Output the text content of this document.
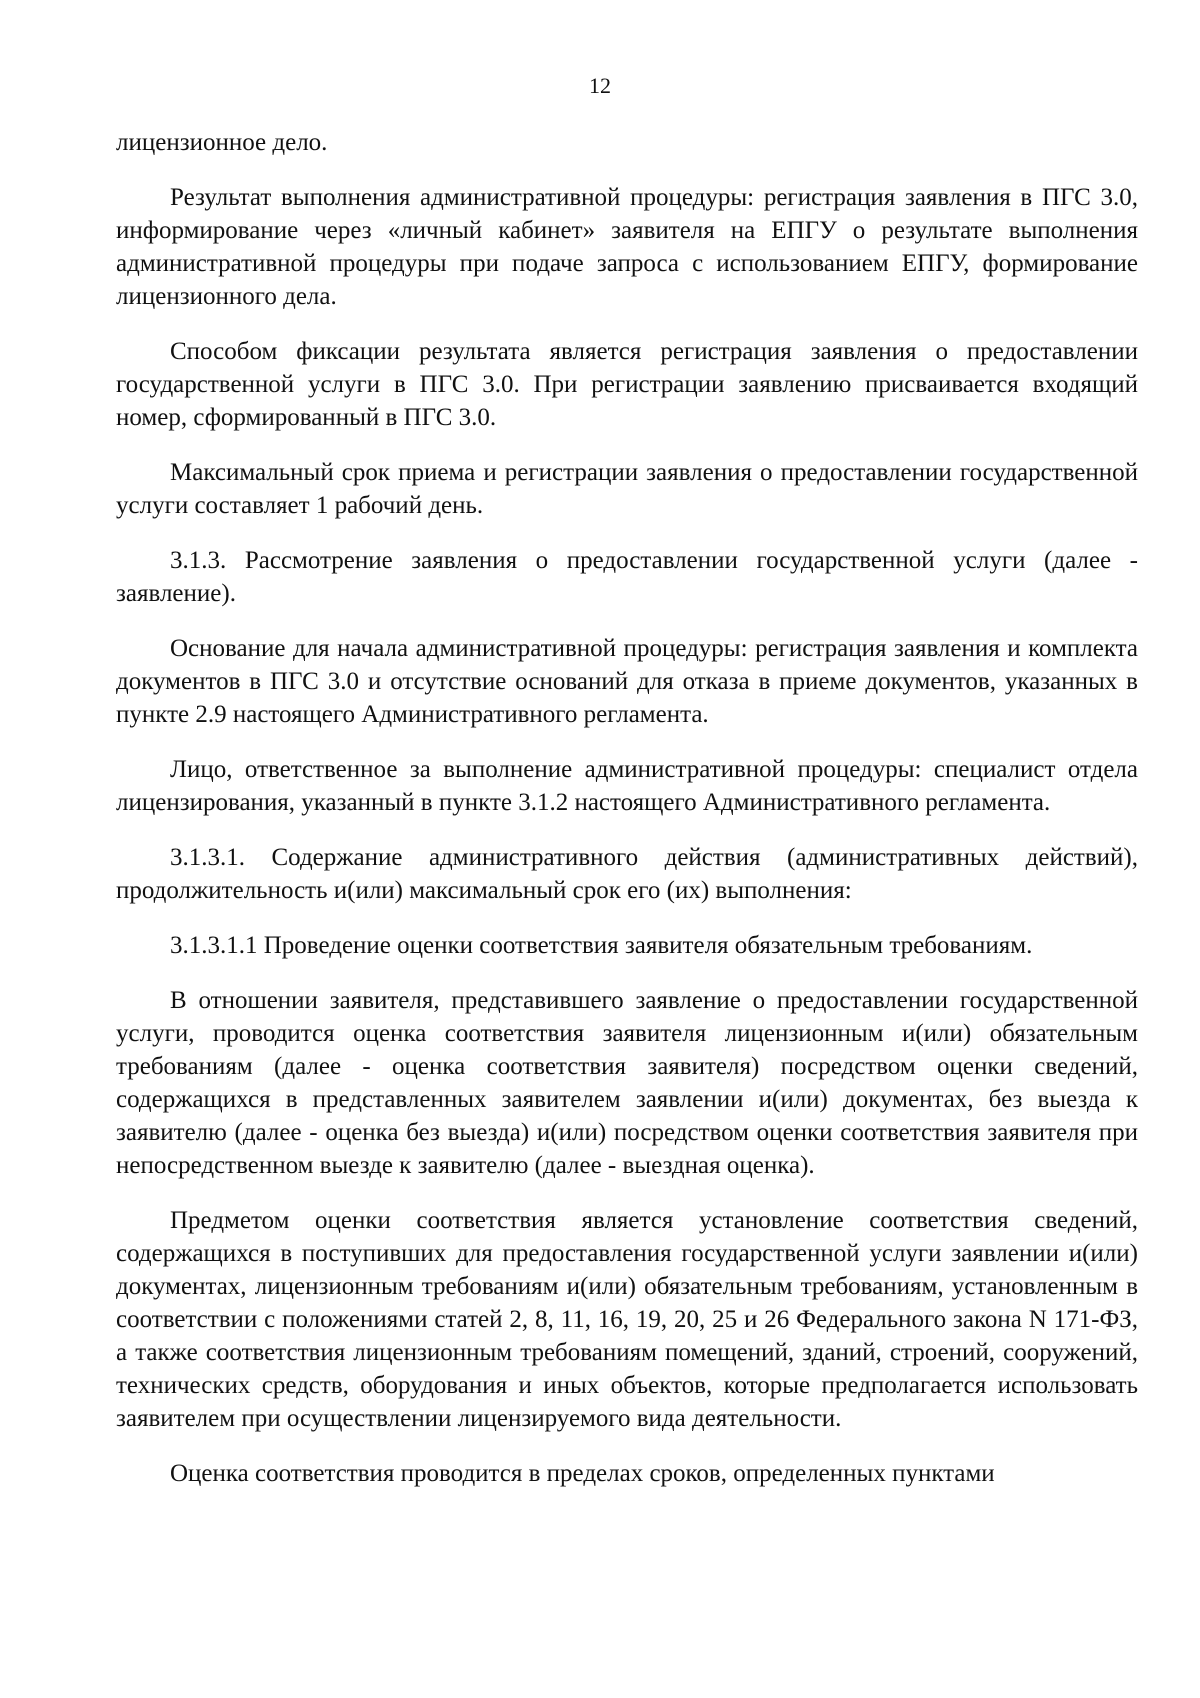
12

лицензионное дело.

Результат выполнения административной процедуры: регистрация заявления в ПГС 3.0, информирование через «личный кабинет» заявителя на ЕПГУ о результате выполнения административной процедуры при подаче запроса с использованием ЕПГУ, формирование лицензионного дела.

Способом фиксации результата является регистрация заявления о предоставлении государственной услуги в ПГС 3.0. При регистрации заявлению присваивается входящий номер, сформированный в ПГС 3.0.

Максимальный срок приема и регистрации заявления о предоставлении государственной услуги составляет 1 рабочий день.

3.1.3. Рассмотрение заявления о предоставлении государственной услуги (далее - заявление).

Основание для начала административной процедуры: регистрация заявления и комплекта документов в ПГС 3.0 и отсутствие оснований для отказа в приеме документов, указанных в пункте 2.9 настоящего Административного регламента.

Лицо, ответственное за выполнение административной процедуры: специалист отдела лицензирования, указанный в пункте 3.1.2 настоящего Административного регламента.

3.1.3.1. Содержание административного действия (административных действий), продолжительность и(или) максимальный срок его (их) выполнения:

3.1.3.1.1 Проведение оценки соответствия заявителя обязательным требованиям.

В отношении заявителя, представившего заявление о предоставлении государственной услуги, проводится оценка соответствия заявителя лицензионным и(или) обязательным требованиям (далее - оценка соответствия заявителя) посредством оценки сведений, содержащихся в представленных заявителем заявлении и(или) документах, без выезда к заявителю (далее - оценка без выезда) и(или) посредством оценки соответствия заявителя при непосредственном выезде к заявителю (далее - выездная оценка).

Предметом оценки соответствия является установление соответствия сведений, содержащихся в поступивших для предоставления государственной услуги заявлении и(или) документах, лицензионным требованиям и(или) обязательным требованиям, установленным в соответствии с положениями статей 2, 8, 11, 16, 19, 20, 25 и 26 Федерального закона N 171-ФЗ, а также соответствия лицензионным требованиям помещений, зданий, строений, сооружений, технических средств, оборудования и иных объектов, которые предполагается использовать заявителем при осуществлении лицензируемого вида деятельности.

Оценка соответствия проводится в пределах сроков, определенных пунктами
